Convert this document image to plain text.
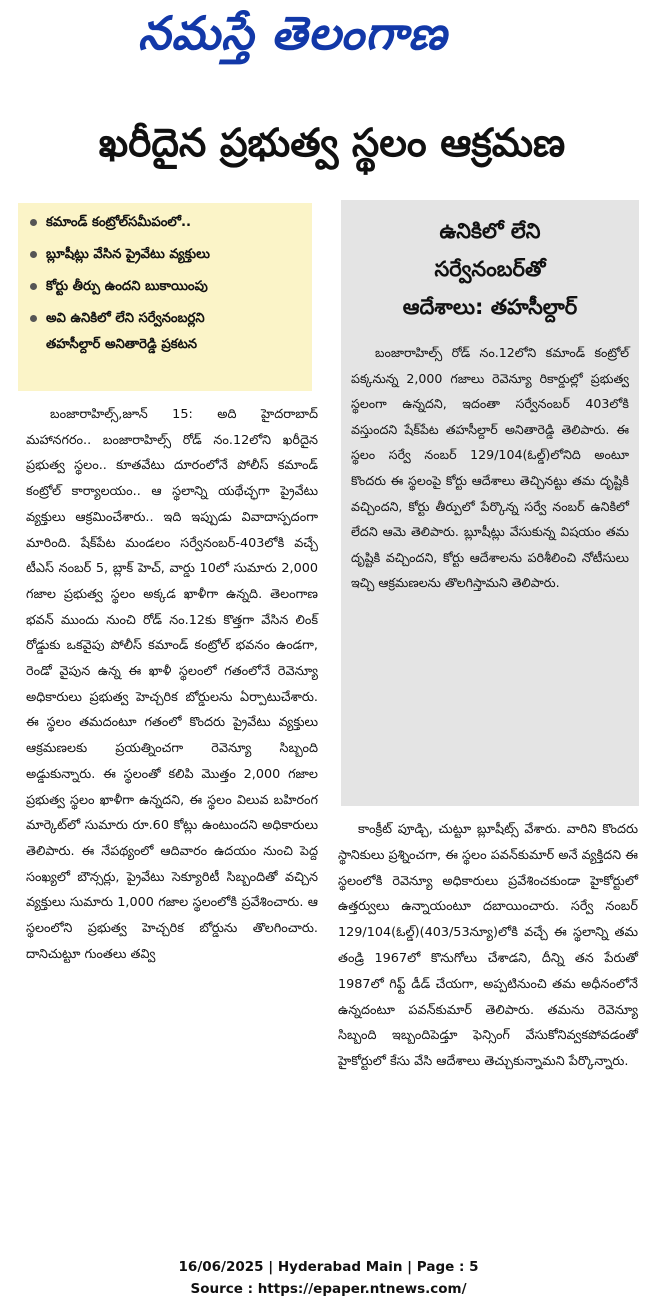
నమస్తే తెలంగాణ
ఖరీదైన ప్రభుత్వ స్థలం ఆక్రమణ
కమాండ్ కంట్రోల్‌సమీపంలో..
బ్లూషీట్లు వేసిన ప్రైవేటు వ్యక్తులు
కోర్టు తీర్పు ఉందని బుకాయింపు
అవి ఉనికిలో లేని సర్వేనంబర్లని
తహసీల్దార్ అనితారెడ్డి ప్రకటన
ఉనికిలో లేని
సర్వేనంబర్‌తో
ఆదేశాలు: తహసీల్దార్
బంజారాహిల్స్ రోడ్ నం.12లోని కమాండ్ కంట్రోల్ పక్కనున్న 2,000 గజాలు రెవెన్యూ రికార్డుల్లో ప్రభుత్వ స్థలంగా ఉన్నదని, ఇదంతా సర్వేనంబర్ 403లోకి వస్తుందని షేక్‌పేట తహసీల్దార్ అనితారెడ్డి తెలిపారు. ఈ స్థలం సర్వే నంబర్ 129/104(ఓల్డ్)లోనిది అంటూ కొందరు ఈ స్థలంపై కోర్టు ఆదేశాలు తెచ్చినట్టు తమ దృష్టికి వచ్చిందని, కోర్టు తీర్పులో పేర్కొన్న సర్వే నంబర్ ఉనికిలో లేదని ఆమె తెలిపారు. బ్లూషీట్లు వేసుకున్న విషయం తమ దృష్టికి వచ్చిందని, కోర్టు ఆదేశాలను పరిశీలించి నోటీసులు ఇచ్చి ఆక్రమణలను తొలగిస్తామని తెలిపారు.
బంజారాహిల్స్,జూన్ 15: అది హైదరాబాద్ మహానగరం.. బంజారాహిల్స్ రోడ్ నం.12లోని ఖరీదైన ప్రభుత్వ స్థలం.. కూతవేటు దూరంలోనే పోలీస్ కమాండ్ కంట్రోల్ కార్యాలయం.. ఆ స్థలాన్ని యథేచ్ఛగా ప్రైవేటు వ్యక్తులు ఆక్రమించేశారు.. ఇది ఇప్పుడు వివాదాస్పదంగా మారింది. షేక్‌పేట మండలం సర్వేనంబర్-403లోకి వచ్చే టీఎస్ నంబర్ 5, బ్లాక్ హెచ్, వార్డు 10లో సుమారు 2,000 గజాల ప్రభుత్వ స్థలం అక్కడ ఖాళీగా ఉన్నది. తెలంగాణ భవన్ ముందు నుంచి రోడ్ నం.12కు కొత్తగా వేసిన లింక్ రోడ్డుకు ఒకవైపు పోలీస్ కమాండ్ కంట్రోల్ భవనం ఉండగా, రెండో వైపున ఉన్న ఈ ఖాళీ స్థలంలో గతంలోనే రెవెన్యూ అధికారులు ప్రభుత్వ హెచ్చరిక బోర్డులను ఏర్పాటుచేశారు. ఈ స్థలం తమదంటూ గతంలో కొందరు ప్రైవేటు వ్యక్తులు ఆక్రమణలకు ప్రయత్నించగా రెవెన్యూ సిబ్బంది అడ్డుకున్నారు. ఈ స్థలంతో కలిపి మొత్తం 2,000 గజాల ప్రభుత్వ స్థలం ఖాళీగా ఉన్నదని, ఈ స్థలం విలువ బహిరంగ మార్కెట్‌లో సుమారు రూ.60 కోట్లు ఉంటుందని అధికారులు తెలిపారు. ఈ నేపథ్యంలో ఆదివారం ఉదయం నుంచి పెద్ద సంఖ్యలో బౌన్సర్లు, ప్రైవేటు సెక్యూరిటీ సిబ్బందితో వచ్చిన వ్యక్తులు సుమారు 1,000 గజాల స్థలంలోకి ప్రవేశించారు. ఆ స్థలంలోని ప్రభుత్వ హెచ్చరిక బోర్డును తొలగించారు. దానిచుట్టూ గుంతలు తవ్వి
కాంక్రీట్ పూడ్చి, చుట్టూ బ్లూషీట్స్ వేశారు. వారిని కొందరు స్థానికులు ప్రశ్నించగా, ఈ స్థలం పవన్‌కుమార్ అనే వ్యక్తిదని ఈ స్థలంలోకి రెవెన్యూ అధికారులు ప్రవేశించకుండా హైకోర్టులో ఉత్తర్వులు ఉన్నాయంటూ దబాయించారు. సర్వే నంబర్ 129/104(ఓల్డ్)(403/53న్యూ)లోకి వచ్చే ఈ స్థలాన్ని తమ తండ్రి 1967లో కొనుగోలు చేశాడని, దీన్ని తన పేరుతో 1987లో గిఫ్ట్ డీడ్ చేయగా, అప్పటినుంచి తమ అధీనంలోనే ఉన్నదంటూ పవన్‌కుమార్ తెలిపారు. తమను రెవెన్యూ సిబ్బంది ఇబ్బందిపెడ్తూ ఫెన్సింగ్ వేసుకోనివ్వకపోవడంతో హైకోర్టులో కేసు వేసి ఆదేశాలు తెచ్చుకున్నామని పేర్కొన్నారు.
16/06/2025 | Hyderabad Main | Page : 5
Source : https://epaper.ntnews.com/
